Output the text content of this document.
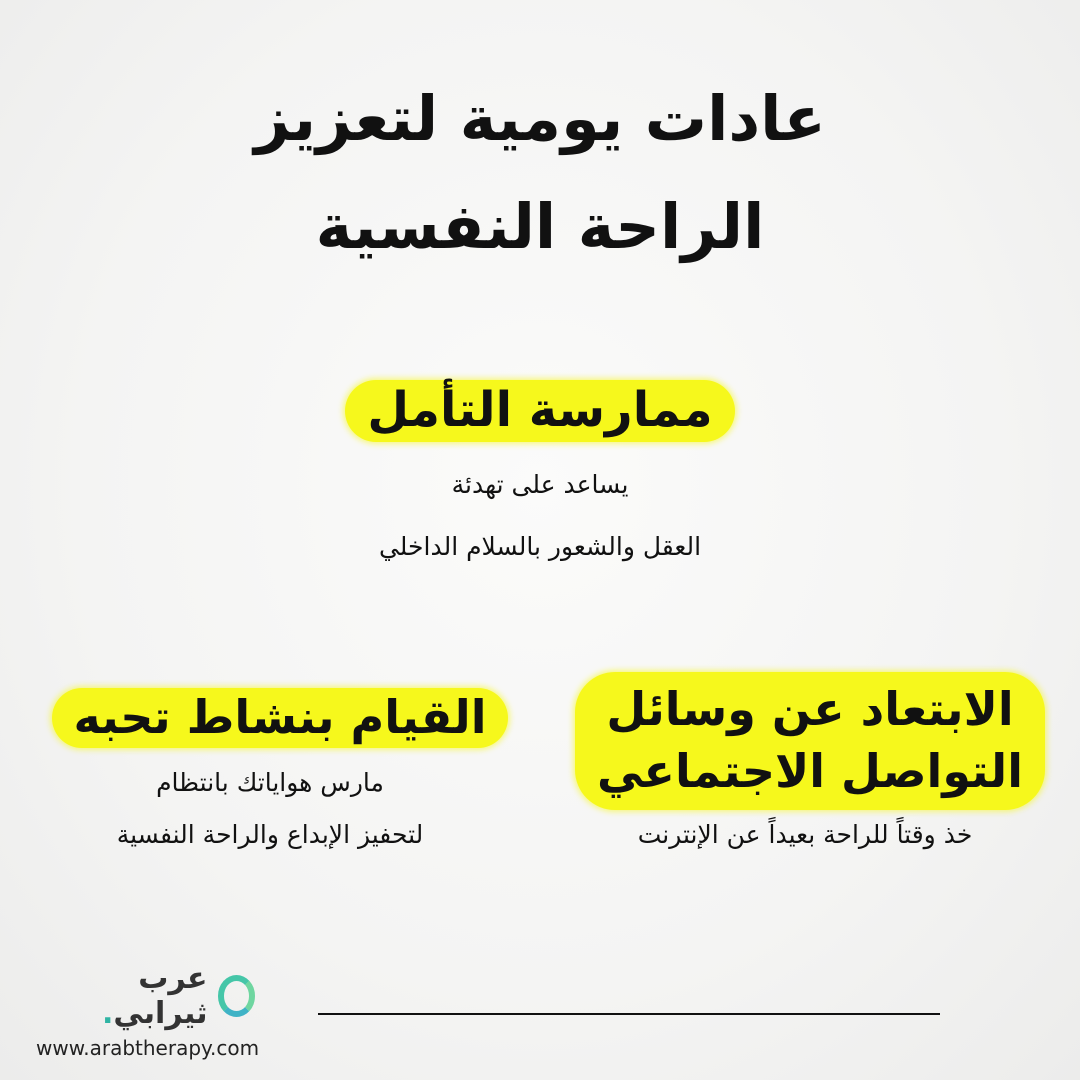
عادات يومية لتعزيز
الراحة النفسية
ممارسة التأمل

يساعد على تهدئة

العقل والشعور بالسلام الداخلي

الابتعاد عن وسائل
التواصل الاجتماعي

خذ وقتاً للراحة بعيداً عن الإنترنت

القيام بنشاط تحبه

مارس هواياتك بانتظام

لتحفيز الإبداع والراحة النفسية

عرب ثيرابي.
www.arabtherapy.com
